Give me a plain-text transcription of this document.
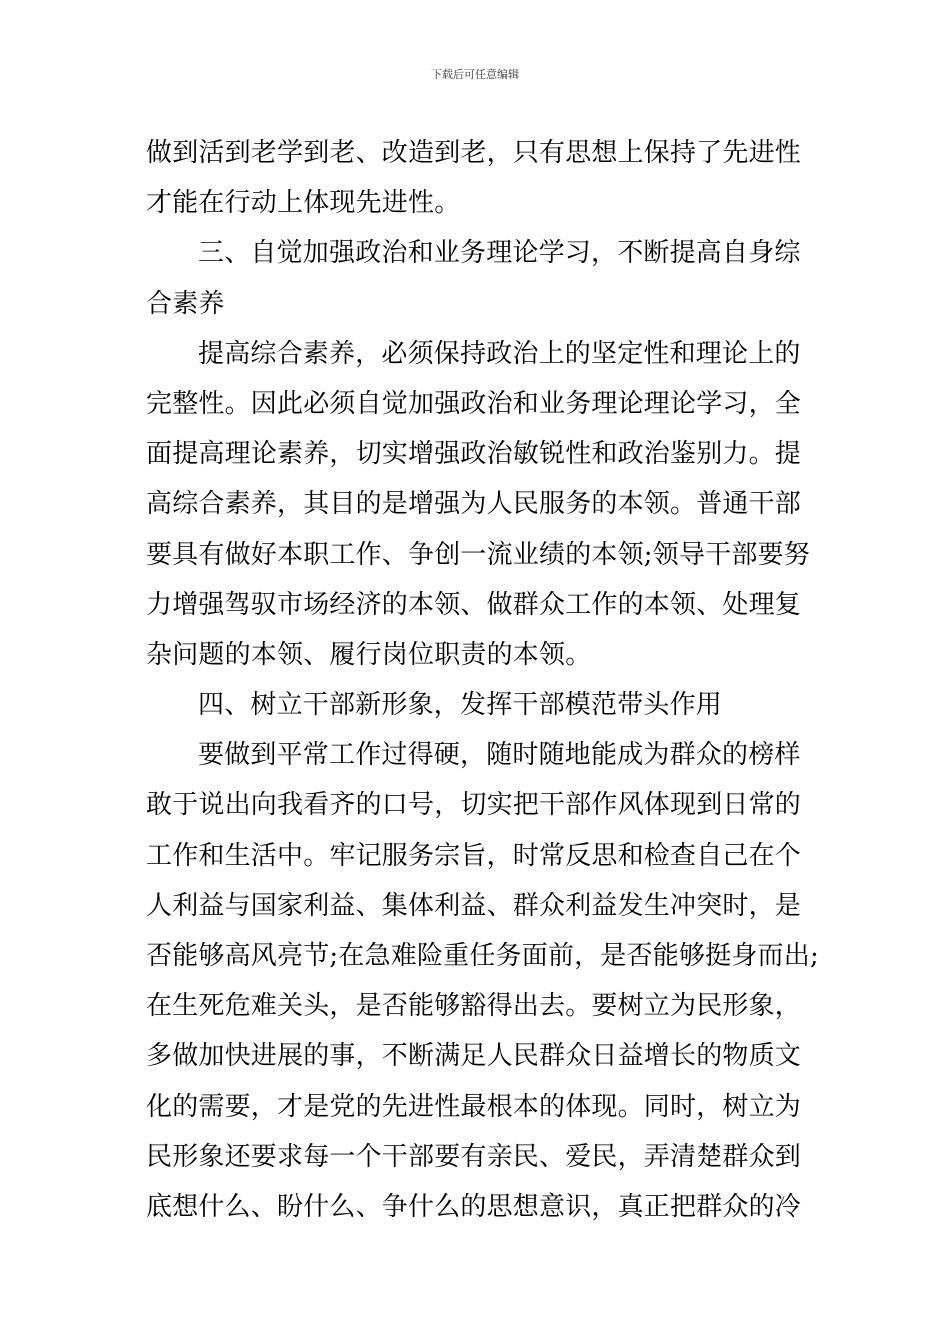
下载后可任意编辑
做到活到老学到老、改造到老，只有思想上保持了先进性
才能在行动上体现先进性。
三、自觉加强政治和业务理论学习，不断提高自身综
合素养
提高综合素养，必须保持政治上的坚定性和理论上的
完整性。因此必须自觉加强政治和业务理论理论学习，全
面提高理论素养，切实增强政治敏锐性和政治鉴别力。提
高综合素养，其目的是增强为人民服务的本领。普通干部
要具有做好本职工作、争创一流业绩的本领;领导干部要努
力增强驾驭市场经济的本领、做群众工作的本领、处理复
杂问题的本领、履行岗位职责的本领。
四、树立干部新形象，发挥干部模范带头作用
要做到平常工作过得硬，随时随地能成为群众的榜样
敢于说出向我看齐的口号，切实把干部作风体现到日常的
工作和生活中。牢记服务宗旨，时常反思和检查自己在个
人利益与国家利益、集体利益、群众利益发生冲突时，是
否能够高风亮节;在急难险重任务面前，是否能够挺身而出;
在生死危难关头，是否能够豁得出去。要树立为民形象，
多做加快进展的事，不断满足人民群众日益增长的物质文
化的需要，才是党的先进性最根本的体现。同时，树立为
民形象还要求每一个干部要有亲民、爱民，弄清楚群众到
底想什么、盼什么、争什么的思想意识，真正把群众的冷
